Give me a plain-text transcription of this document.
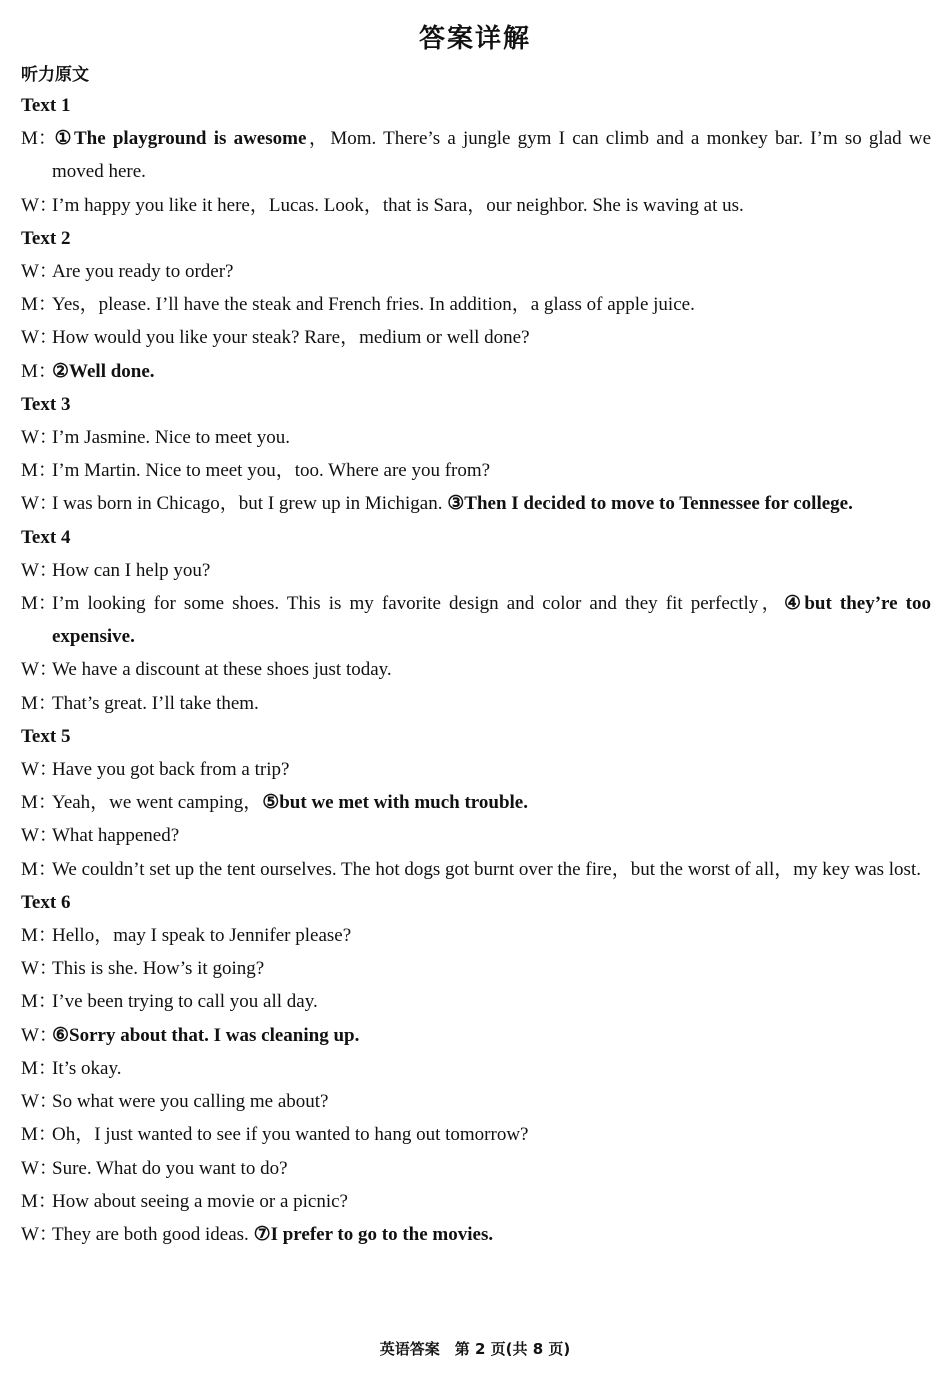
答案详解
听力原文
Text 1
M：①The playground is awesome，Mom. There’s a jungle gym I can climb and a monkey bar. I’m so glad we moved here.
W：I’m happy you like it here，Lucas. Look，that is Sara，our neighbor. She is waving at us.
Text 2
W：Are you ready to order?
M：Yes，please. I’ll have the steak and French fries. In addition，a glass of apple juice.
W：How would you like your steak? Rare，medium or well done?
M：②Well done.
Text 3
W：I’m Jasmine. Nice to meet you.
M：I’m Martin. Nice to meet you，too. Where are you from?
W：I was born in Chicago，but I grew up in Michigan. ③Then I decided to move to Tennessee for college.
Text 4
W：How can I help you?
M：I’m looking for some shoes. This is my favorite design and color and they fit perfectly，④but they’re too expensive.
W：We have a discount at these shoes just today.
M：That’s great. I’ll take them.
Text 5
W：Have you got back from a trip?
M：Yeah，we went camping，⑤but we met with much trouble.
W：What happened?
M：We couldn’t set up the tent ourselves. The hot dogs got burnt over the fire，but the worst of all，my key was lost.
Text 6
M：Hello，may I speak to Jennifer please?
W：This is she. How’s it going?
M：I’ve been trying to call you all day.
W：⑥Sorry about that. I was cleaning up.
M：It’s okay.
W：So what were you calling me about?
M：Oh，I just wanted to see if you wanted to hang out tomorrow?
W：Sure. What do you want to do?
M：How about seeing a movie or a picnic?
W：They are both good ideas. ⑦I prefer to go to the movies.
英语答案　第 2 页(共 8 页)
